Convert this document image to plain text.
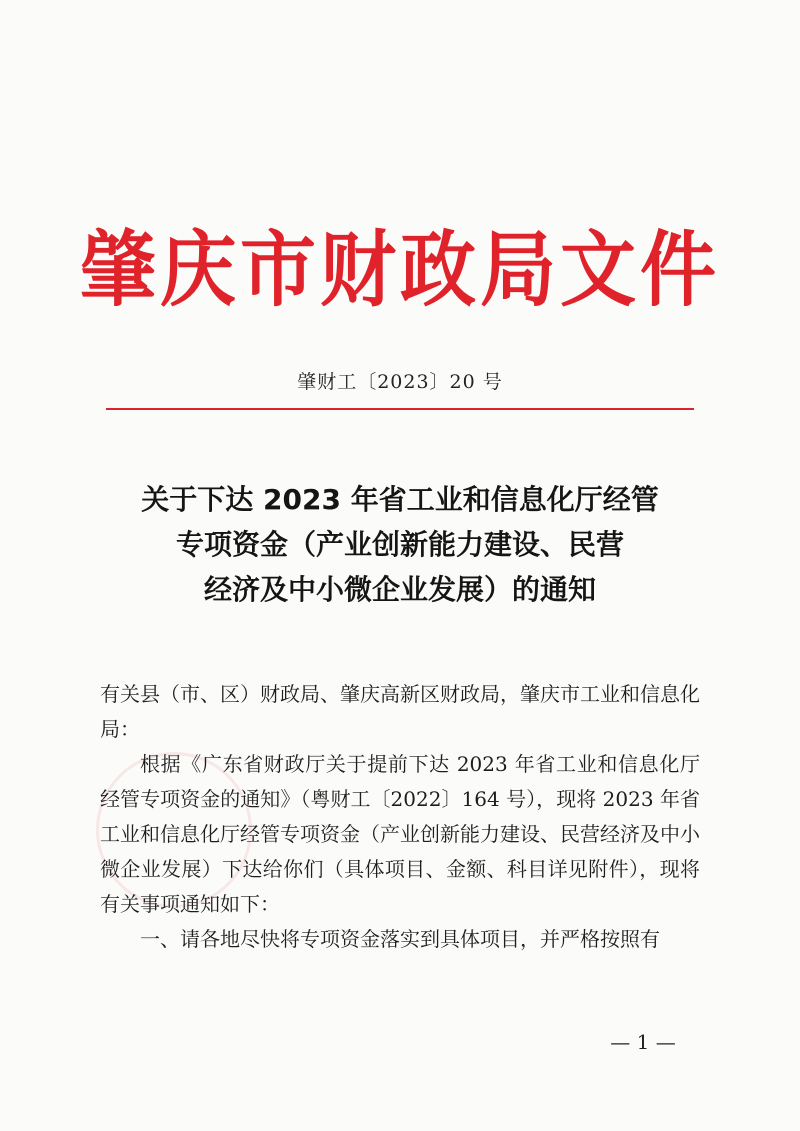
肇庆市财政局文件
肇财工〔2023〕20 号
关于下达 2023 年省工业和信息化厅经管
专项资金（产业创新能力建设、民营
经济及中小微企业发展）的通知

有关县（市、区）财政局、肇庆高新区财政局，肇庆市工业和信息化局：

根据《广东省财政厅关于提前下达 2023 年省工业和信息化厅经管专项资金的通知》（粤财工〔2022〕164 号），现将 2023 年省工业和信息化厅经管专项资金（产业创新能力建设、民营经济及中小微企业发展）下达给你们（具体项目、金额、科目详见附件），现将有关事项通知如下：

一、请各地尽快将专项资金落实到具体项目，并严格按照有

— 1 —
